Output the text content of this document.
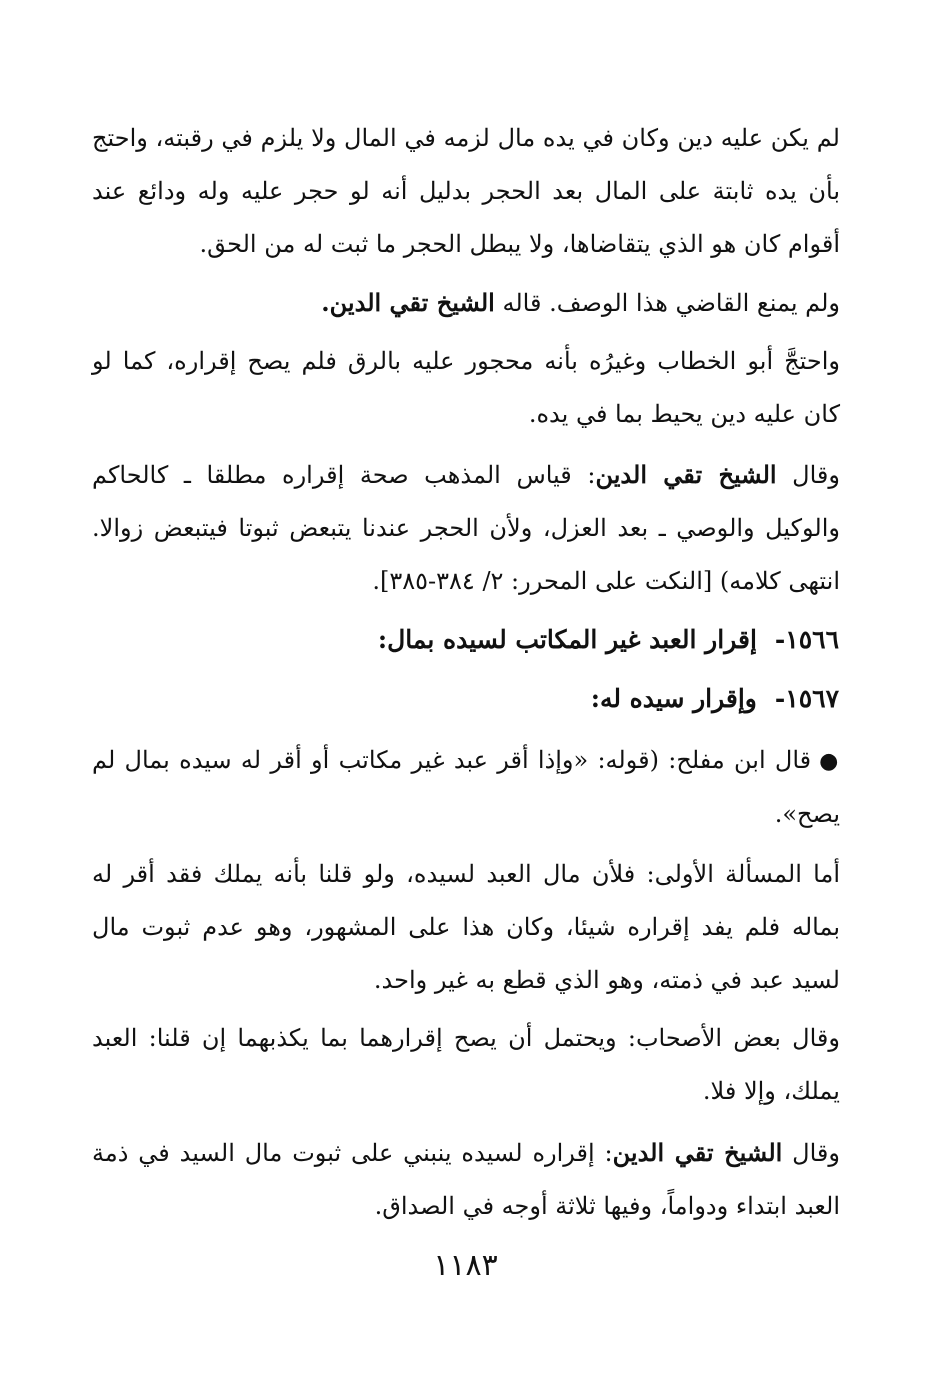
لم يكن عليه دين وكان في يده مال لزمه في المال ولا يلزم في رقبته، واحتج بأن يده ثابتة على المال بعد الحجر بدليل أنه لو حجر عليه وله ودائع عند أقوام كان هو الذي يتقاضاها، ولا يبطل الحجر ما ثبت له من الحق.

ولم يمنع القاضي هذا الوصف. قاله الشيخ تقي الدين.

واحتجَّ أبو الخطاب وغيرُه بأنه محجور عليه بالرق فلم يصح إقراره، كما لو كان عليه دين يحيط بما في يده.

وقال الشيخ تقي الدين: قياس المذهب صحة إقراره مطلقا ـ كالحاكم والوكيل والوصي ـ بعد العزل، ولأن الحجر عندنا يتبعض ثبوتا فيتبعض زوالا. انتهى كلامه) [النكت على المحرر: ٢/ ٣٨٤-٣٨٥].

١٥٦٦-إقرار العبد غير المكاتب لسيده بمال:

١٥٦٧-وإقرار سيده له:

●قال ابن مفلح: (قوله: «وإذا أقر عبد غير مكاتب أو أقر له سيده بمال لم يصح».

أما المسألة الأولى: فلأن مال العبد لسيده، ولو قلنا بأنه يملك فقد أقر له بماله فلم يفد إقراره شيئا، وكان هذا على المشهور، وهو عدم ثبوت مال لسيد عبد في ذمته، وهو الذي قطع به غير واحد.

وقال بعض الأصحاب: ويحتمل أن يصح إقرارهما بما يكذبهما إن قلنا: العبد يملك، وإلا فلا.

وقال الشيخ تقي الدين: إقراره لسيده ينبني على ثبوت مال السيد في ذمة العبد ابتداء ودواماً، وفيها ثلاثة أوجه في الصداق.

١١٨٣
